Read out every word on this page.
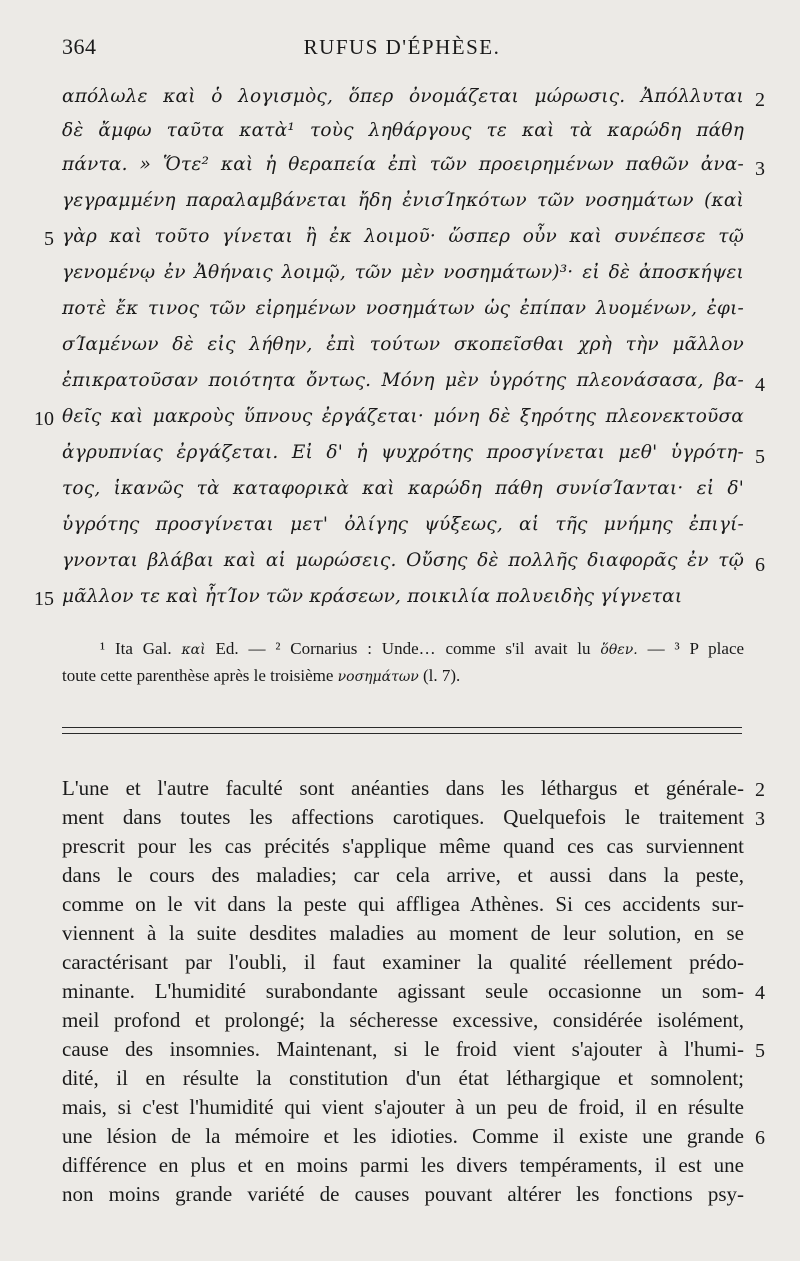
364	RUFUS D'ÉPHÈSE.
απόλωλε καὶ ὁ λογισμὸς, ὅπερ ὀνομάζεται μώρωσις. Ἀπόλλυται
δὲ ἄμφω ταῦτα κατὰ¹ τοὺς ληθάργους τε καὶ τὰ καρώδη πάθη
πάντα. » Ὅτε² καὶ ἡ θεραπεία ἐπὶ τῶν προειρημένων παθῶν ἀνα-
γεγραμμένη παραλαμβάνεται ἤδη ἐνισΊηκότων τῶν νοσημάτων (καὶ
γὰρ καὶ τοῦτο γίνεται ἢ ἐκ λοιμοῦ· ὥσπερ οὖν καὶ συνέπεσε τῷ
γενομένῳ ἐν Ἀθήναις λοιμῷ, τῶν μὲν νοσημάτων)³· εἰ δὲ ἀποσκήψει
ποτὲ ἔκ τινος τῶν εἰρημένων νοσημάτων ὡς ἐπίπαν λυομένων, ἐφι-
σΊαμένων δὲ εἰς λήθην, ἐπὶ τούτων σκοπεῖσθαι χρὴ τὴν μᾶλλον
ἐπικρατοῦσαν ποιότητα ὄντως. Μόνη μὲν ὑγρότης πλεονάσασα, βα-
θεῖς καὶ μακροὺς ὕπνους ἐργάζεται· μόνη δὲ ξηρότης πλεονεκτοῦσα
ἀγρυπνίας ἐργάζεται. Εἰ δ' ἡ ψυχρότης προσγίνεται μεθ' ὑγρότη-
τος, ἱκανῶς τὰ καταφορικὰ καὶ καρώδη πάθη συνίσΊανται· εἰ δ'
ὑγρότης προσγίνεται μετ' ὀλίγης ψύξεως, αἱ τῆς μνήμης ἐπιγί-
γνονται βλάβαι καὶ αἱ μωρώσεις. Οὔσης δὲ πολλῆς διαφορᾶς ἐν τῷ
μᾶλλον τε καὶ ἧτΊον τῶν κράσεων, ποικιλία πολυειδὴς γίγνεται
5
10
15
2
3
4
5
6
¹ Ita Gal. καὶ Ed. — ² Cornarius : Unde… comme s'il avait lu ὅθεν. — ³ P place
toute cette parenthèse après le troisième νοσημάτων (l. 7).
L'une et l'autre faculté sont anéanties dans les léthargus et générale-
ment dans toutes les affections carotiques. Quelquefois le traitement
prescrit pour les cas précités s'applique même quand ces cas surviennent
dans le cours des maladies; car cela arrive, et aussi dans la peste,
comme on le vit dans la peste qui affligea Athènes. Si ces accidents sur-
viennent à la suite desdites maladies au moment de leur solution, en se
caractérisant par l'oubli, il faut examiner la qualité réellement prédo-
minante. L'humidité surabondante agissant seule occasionne un som-
meil profond et prolongé; la sécheresse excessive, considérée isolément,
cause des insomnies. Maintenant, si le froid vient s'ajouter à l'humi-
dité, il en résulte la constitution d'un état léthargique et somnolent;
mais, si c'est l'humidité qui vient s'ajouter à un peu de froid, il en résulte
une lésion de la mémoire et les idioties. Comme il existe une grande
différence en plus et en moins parmi les divers tempéraments, il est une
non moins grande variété de causes pouvant altérer les fonctions psy-
2
3
4
5
6
